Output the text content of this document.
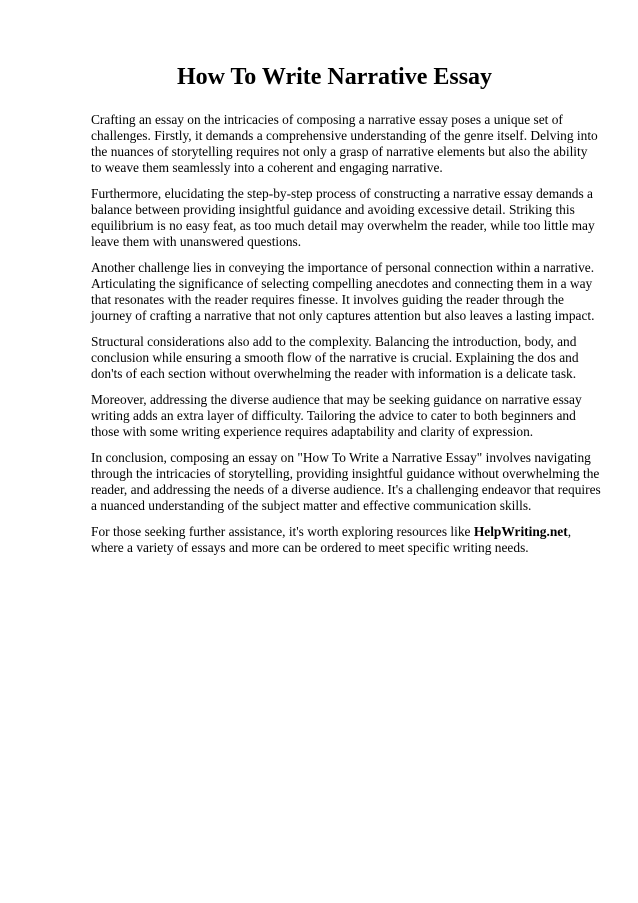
How To Write Narrative Essay

Crafting an essay on the intricacies of composing a narrative essay poses a unique set of challenges. Firstly, it demands a comprehensive understanding of the genre itself. Delving into the nuances of storytelling requires not only a grasp of narrative elements but also the ability to weave them seamlessly into a coherent and engaging narrative.

Furthermore, elucidating the step-by-step process of constructing a narrative essay demands a balance between providing insightful guidance and avoiding excessive detail. Striking this equilibrium is no easy feat, as too much detail may overwhelm the reader, while too little may leave them with unanswered questions.

Another challenge lies in conveying the importance of personal connection within a narrative. Articulating the significance of selecting compelling anecdotes and connecting them in a way that resonates with the reader requires finesse. It involves guiding the reader through the journey of crafting a narrative that not only captures attention but also leaves a lasting impact.

Structural considerations also add to the complexity. Balancing the introduction, body, and conclusion while ensuring a smooth flow of the narrative is crucial. Explaining the dos and don'ts of each section without overwhelming the reader with information is a delicate task.

Moreover, addressing the diverse audience that may be seeking guidance on narrative essay writing adds an extra layer of difficulty. Tailoring the advice to cater to both beginners and those with some writing experience requires adaptability and clarity of expression.

In conclusion, composing an essay on "How To Write a Narrative Essay" involves navigating through the intricacies of storytelling, providing insightful guidance without overwhelming the reader, and addressing the needs of a diverse audience. It's a challenging endeavor that requires a nuanced understanding of the subject matter and effective communication skills.

For those seeking further assistance, it's worth exploring resources like HelpWriting.net, where a variety of essays and more can be ordered to meet specific writing needs.
